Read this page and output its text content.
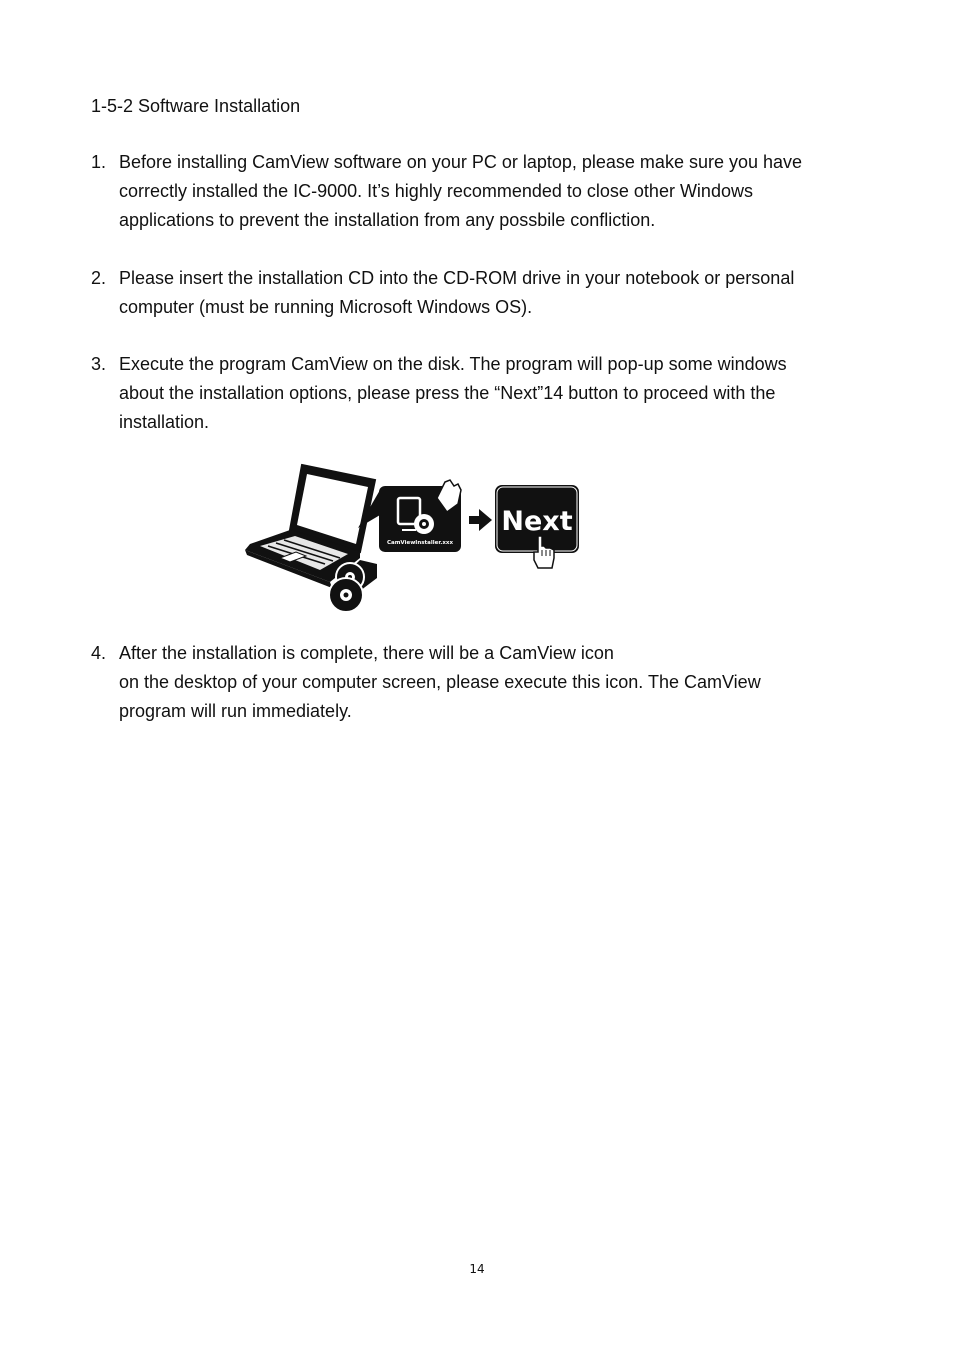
1-5-2 Software Installation
1. Before installing CamView software on your PC or laptop, please make sure you have
correctly installed the IC-9000. It’s highly recommended to close other Windows
applications to prevent the installation from any possbile confliction.
2. Please insert the installation CD into the CD-ROM drive in your notebook or personal
computer (must be running Microsoft Windows OS).
3. Execute the program CamView on the disk. The program will pop-up some windows
about the installation options, please press the “Next”14 button to proceed with the
installation.
4. After the installation is complete, there will be a CamView icon
on the desktop of your computer screen, please execute this icon. The CamView
program will run immediately.
CamViewInstaller.xxx
Next
14
